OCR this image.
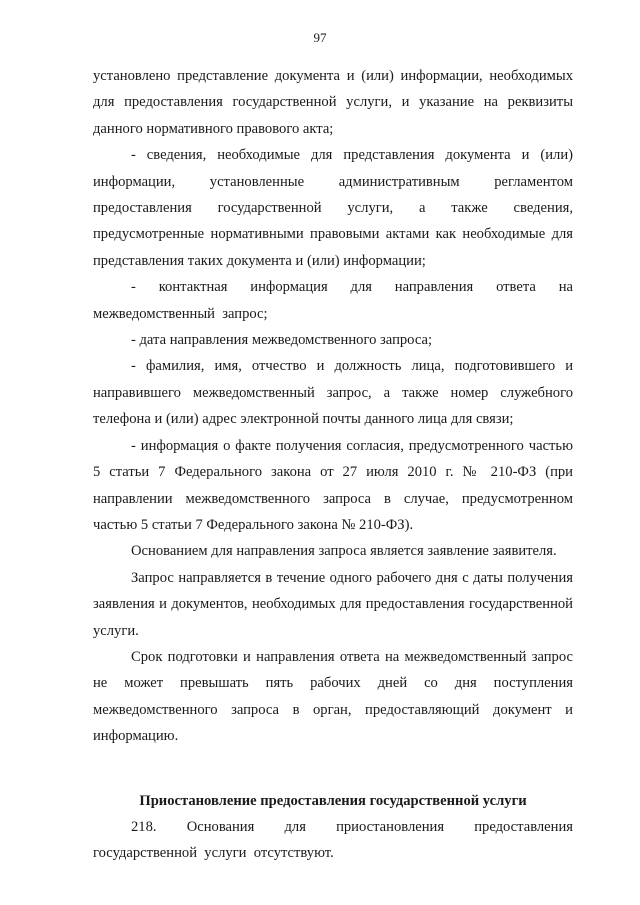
97

установлено представление документа и (или) информации, необходимых для предоставления государственной услуги, и указание на реквизиты данного нормативного правового акта;

- сведения, необходимые для представления документа и (или) информации, установленные административным регламентом предоставления государственной услуги, а также сведения, предусмотренные нормативными правовыми актами как необходимые для представления таких документа и (или) информации;

- контактная информация для направления ответа на межведомственный запрос;

- дата направления межведомственного запроса;

- фамилия, имя, отчество и должность лица, подготовившего и направившего межведомственный запрос, а также номер служебного телефона и (или) адрес электронной почты данного лица для связи;

- информация о факте получения согласия, предусмотренного частью 5 статьи 7 Федерального закона от 27 июля 2010 г. № 210-ФЗ (при направлении межведомственного запроса в случае, предусмотренном частью 5 статьи 7 Федерального закона № 210-ФЗ).

Основанием для направления запроса является заявление заявителя.

Запрос направляется в течение одного рабочего дня с даты получения заявления и документов, необходимых для предоставления государственной услуги.

Срок подготовки и направления ответа на межведомственный запрос не может превышать пять рабочих дней со дня поступления межведомственного запроса в орган, предоставляющий документ и информацию.

Приостановление предоставления государственной услуги

218. Основания для приостановления предоставления государственной услуги отсутствуют.
